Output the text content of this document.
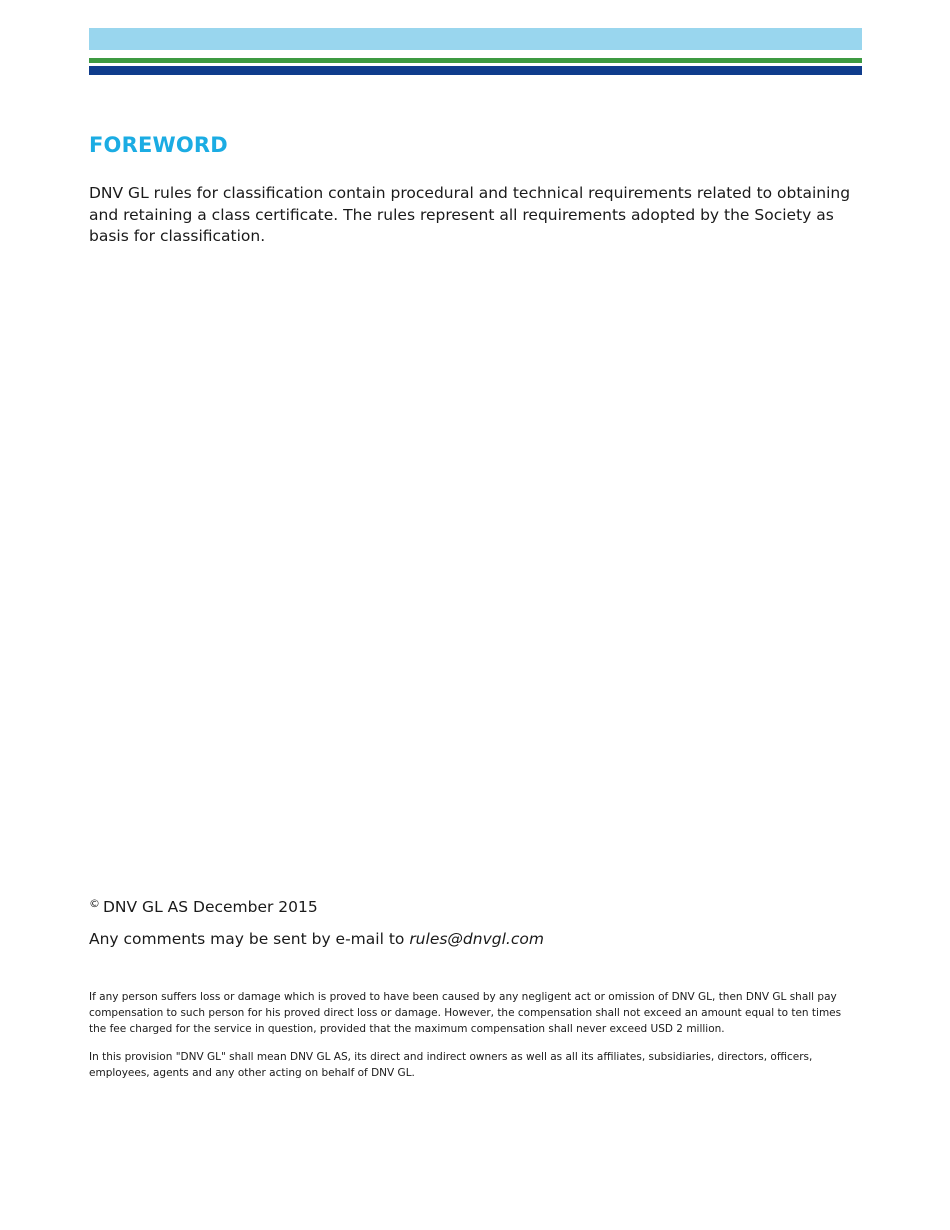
FOREWORD

DNV GL rules for classification contain procedural and technical requirements related to obtaining and retaining a class certificate. The rules represent all requirements adopted by the Society as basis for classification.

© DNV GL AS December 2015

Any comments may be sent by e-mail to rules@dnvgl.com

If any person suffers loss or damage which is proved to have been caused by any negligent act or omission of DNV GL, then DNV GL shall pay compensation to such person for his proved direct loss or damage. However, the compensation shall not exceed an amount equal to ten times the fee charged for the service in question, provided that the maximum compensation shall never exceed USD 2 million.

In this provision "DNV GL" shall mean DNV GL AS, its direct and indirect owners as well as all its affiliates, subsidiaries, directors, officers, employees, agents and any other acting on behalf of DNV GL.
